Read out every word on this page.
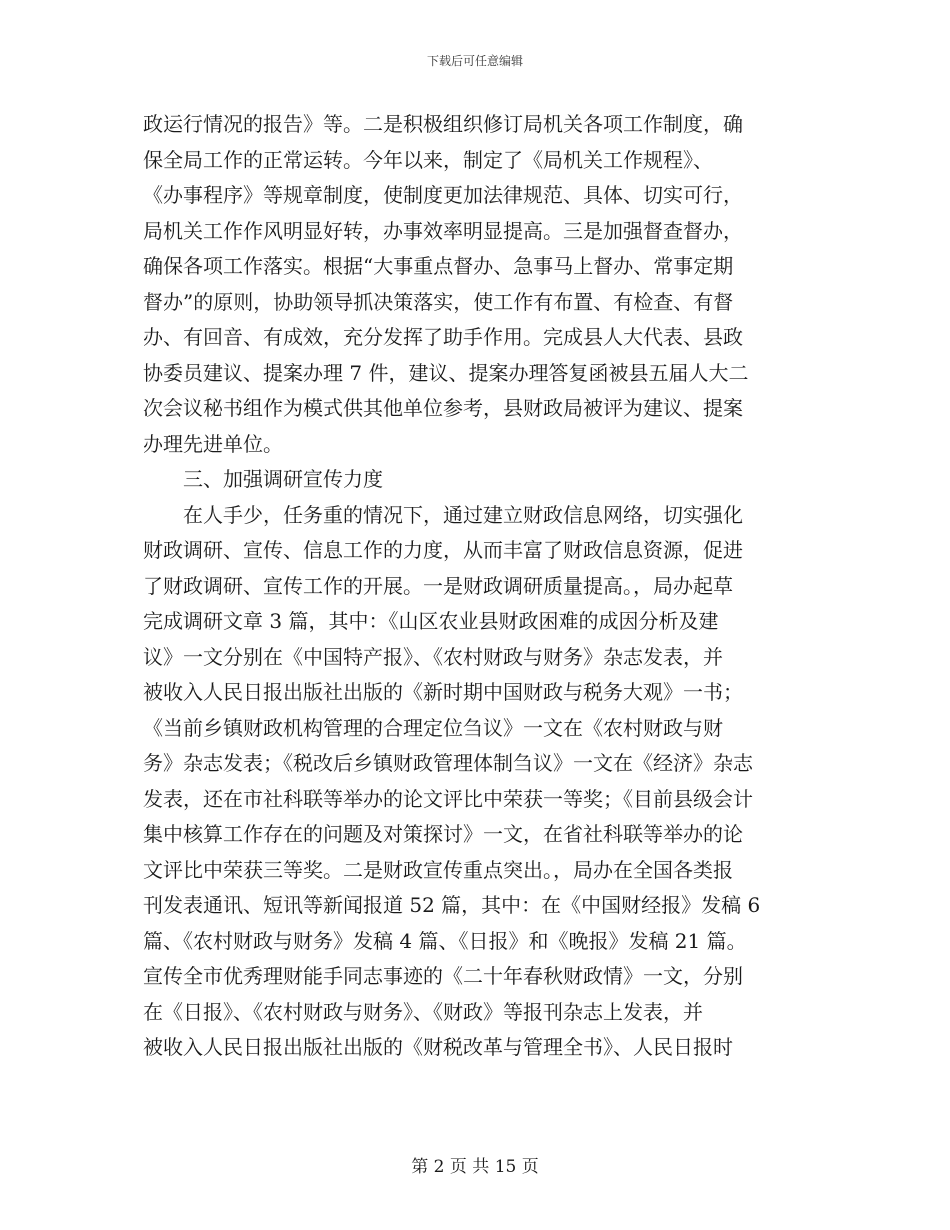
下载后可任意编辑
政运行情况的报告》等。二是积极组织修订局机关各项工作制度，确
保全局工作的正常运转。今年以来，制定了《局机关工作规程》、
《办事程序》等规章制度，使制度更加法律规范、具体、切实可行，
局机关工作作风明显好转，办事效率明显提高。三是加强督查督办，
确保各项工作落实。根据“大事重点督办、急事马上督办、常事定期
督办”的原则，协助领导抓决策落实，使工作有布置、有检查、有督
办、有回音、有成效，充分发挥了助手作用。完成县人大代表、县政
协委员建议、提案办理 7 件，建议、提案办理答复函被县五届人大二
次会议秘书组作为模式供其他单位参考，县财政局被评为建议、提案
办理先进单位。
　　三、加强调研宣传力度
　　在人手少，任务重的情况下，通过建立财政信息网络，切实强化
财政调研、宣传、信息工作的力度，从而丰富了财政信息资源，促进
了财政调研、宣传工作的开展。一是财政调研质量提高。，局办起草
完成调研文章 3 篇，其中：《山区农业县财政困难的成因分析及建
议》一文分别在《中国特产报》、《农村财政与财务》杂志发表，并
被收入人民日报出版社出版的《新时期中国财政与税务大观》一书；
《当前乡镇财政机构管理的合理定位刍议》一文在《农村财政与财
务》杂志发表；《税改后乡镇财政管理体制刍议》一文在《经济》杂志
发表，还在市社科联等举办的论文评比中荣获一等奖；《目前县级会计
集中核算工作存在的问题及对策探讨》一文，在省社科联等举办的论
文评比中荣获三等奖。二是财政宣传重点突出。，局办在全国各类报
刊发表通讯、短讯等新闻报道 52 篇，其中：在《中国财经报》发稿 6
篇、《农村财政与财务》发稿 4 篇、《日报》和《晚报》发稿 21 篇。
宣传全市优秀理财能手同志事迹的《二十年春秋财政情》一文，分别
在《日报》、《农村财政与财务》、《财政》等报刊杂志上发表，并
被收入人民日报出版社出版的《财税改革与管理全书》、人民日报时
第 2 页 共 15 页
